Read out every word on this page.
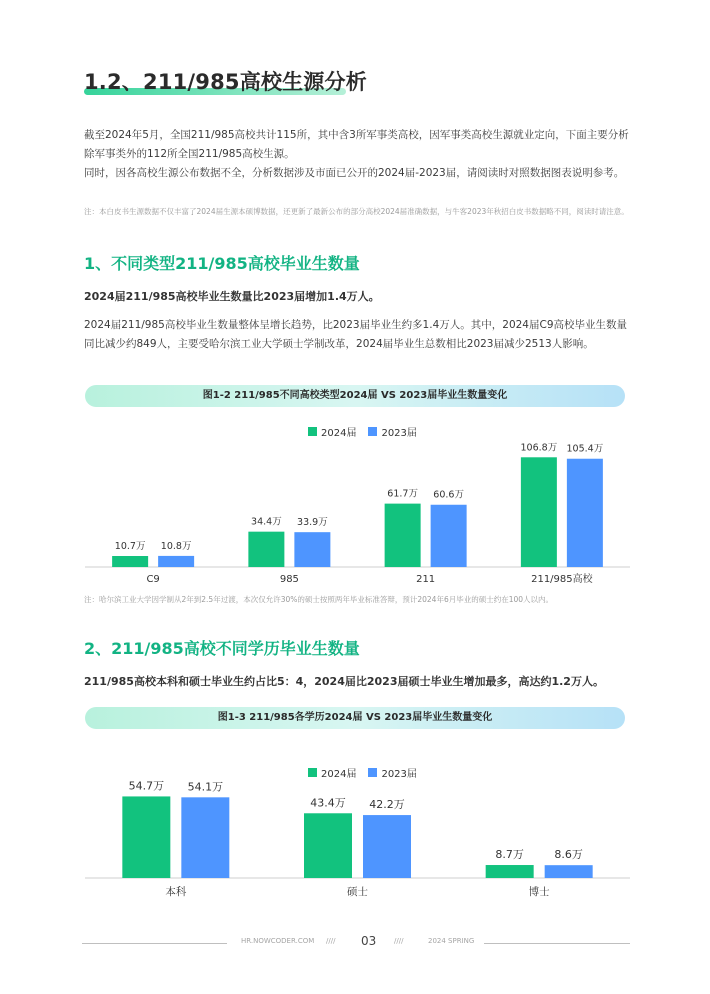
1.2、211/985高校生源分析
截至2024年5月，全国211/985高校共计115所，其中含3所军事类高校，因军事类高校生源就业定向，下面主要分析除军事类外的112所全国211/985高校生源。
同时，因各高校生源公布数据不全，分析数据涉及市面已公开的2024届-2023届，请阅读时对照数据图表说明参考。
注：本白皮书生源数据不仅丰富了2024届生源本硕博数据，还更新了最新公布的部分高校2024届准确数据，与牛客2023年秋招白皮书数据略不同，阅读时请注意。
1、不同类型211/985高校毕业生数量
2024届211/985高校毕业生数量比2023届增加1.4万人。
2024届211/985高校毕业生数量整体呈增长趋势，比2023届毕业生约多1.4万人。其中，2024届C9高校毕业生数量同比减少约849人，主要受哈尔滨工业大学硕士学制改革，2024届毕业生总数相比2023届减少2513人影响。
图1-2 211/985不同高校类型2024届 VS 2023届毕业生数量变化
2024届	2023届
10.7万 10.8万
C9
34.4万 33.9万
985
61.7万 60.6万
211
106.8万 105.4万
211/985高校
注：哈尔滨工业大学因学制从2年到2.5年过渡，本次仅允许30%的硕士按照两年毕业标准答辩，预计2024年6月毕业的硕士约在100人以内。
2、211/985高校不同学历毕业生数量
211/985高校本科和硕士毕业生约占比5：4，2024届比2023届硕士毕业生增加最多，高达约1.2万人。
图1-3 211/985各学历2024届 VS 2023届毕业生数量变化
2024届	2023届
54.7万 54.1万
本科
43.4万 42.2万
硕士
8.7万	8.6万
博士
HR.NOWCODER.COM //// 03	////	2024 SPRING
